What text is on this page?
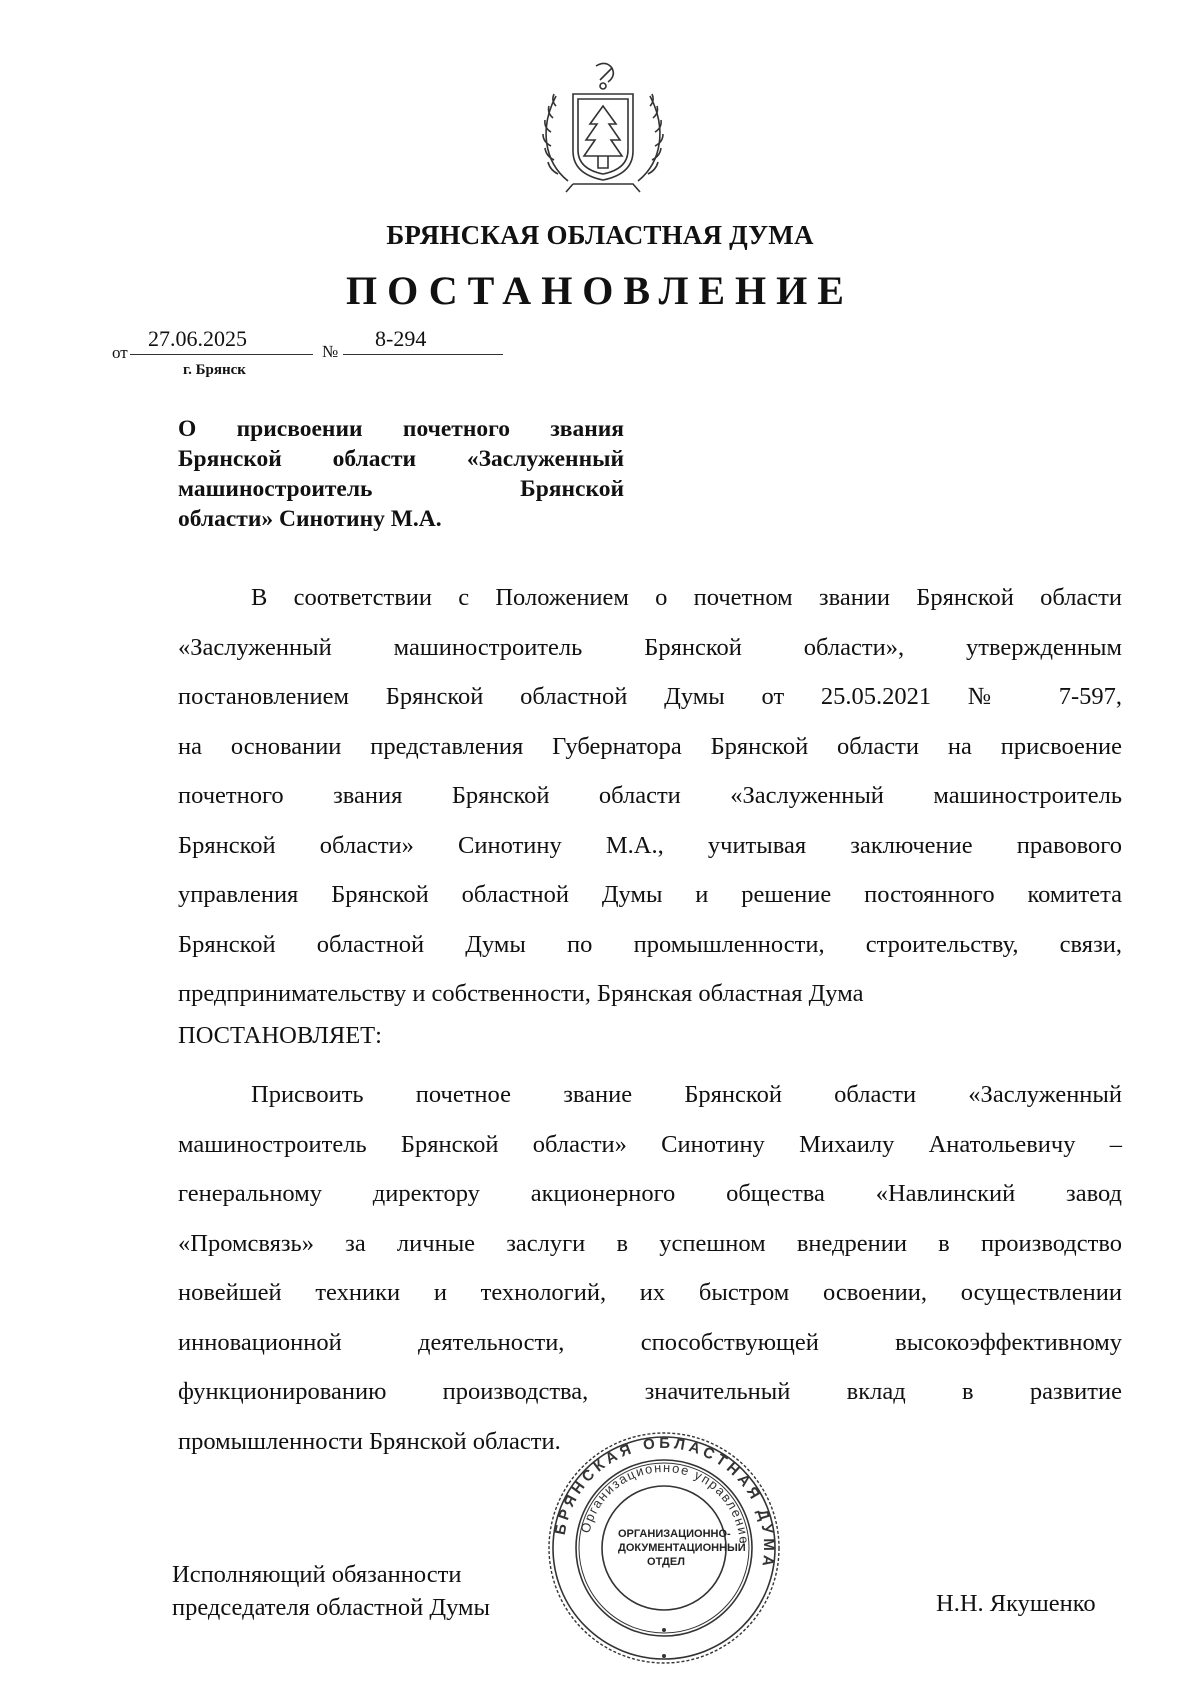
БРЯНСКАЯ ОБЛАСТНАЯ ДУМА
ПОСТАНОВЛЕНИЕ
от
27.06.2025
№
8-294
г. Брянск
О присвоении почетного звания
Брянской области «Заслуженный
машиностроитель Брянской
области» Синотину М.А.
В соответствии с Положением о почетном звании Брянской области
«Заслуженный машиностроитель Брянской области», утвержденным
постановлением Брянской областной Думы от 25.05.2021 № 7-597,
на основании представления Губернатора Брянской области на присвоение
почетного звания Брянской области «Заслуженный машиностроитель
Брянской области» Синотину М.А., учитывая заключение правового
управления Брянской областной Думы и решение постоянного комитета
Брянской областной Думы по промышленности, строительству, связи,
предпринимательству и собственности, Брянская областная Дума
ПОСТАНОВЛЯЕТ:
Присвоить почетное звание Брянской области «Заслуженный
машиностроитель Брянской области» Синотину Михаилу Анатольевичу –
генеральному директору акционерного общества «Навлинский завод
«Промсвязь» за личные заслуги в успешном внедрении в производство
новейшей техники и технологий, их быстром освоении, осуществлении
инновационной деятельности, способствующей высокоэффективному
функционированию производства, значительный вклад в развитие
промышленности Брянской области.
БРЯНСКАЯ ОБЛАСТНАЯ ДУМА
Организационное управление
ОРГАНИЗАЦИОННО-
ДОКУМЕНТАЦИОННЫЙ
ОТДЕЛ
Исполняющий обязанности
председателя областной Думы	Н.Н. Якушенко
